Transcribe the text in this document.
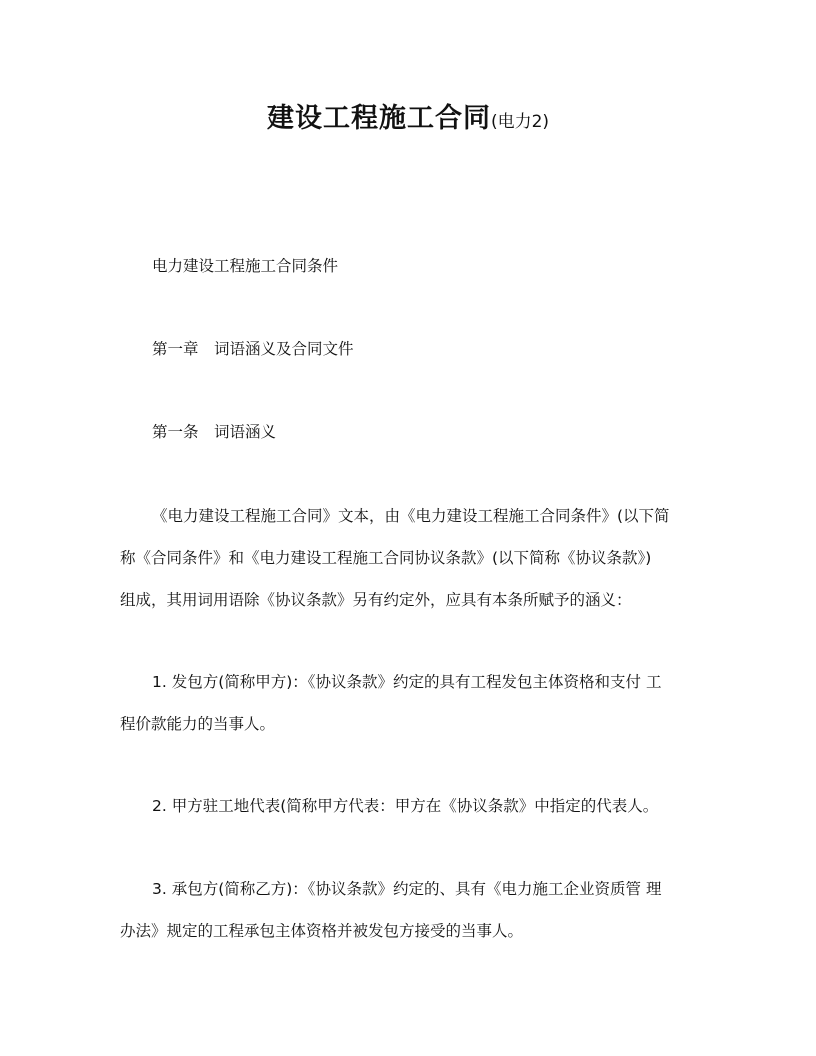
建设工程施工合同(电力2)
电力建设工程施工合同条件
第一章　词语涵义及合同文件
第一条　词语涵义
《电力建设工程施工合同》文本，由《电力建设工程施工合同条件》(以下简
称《合同条件》和《电力建设工程施工合同协议条款》(以下简称《协议条款》)
组成，其用词用语除《协议条款》另有约定外，应具有本条所赋予的涵义：
1. 发包方(简称甲方)：《协议条款》约定的具有工程发包主体资格和支付 工
程价款能力的当事人。
2. 甲方驻工地代表(简称甲方代表：甲方在《协议条款》中指定的代表人。
3. 承包方(简称乙方)：《协议条款》约定的、具有《电力施工企业资质管 理
办法》规定的工程承包主体资格并被发包方接受的当事人。
